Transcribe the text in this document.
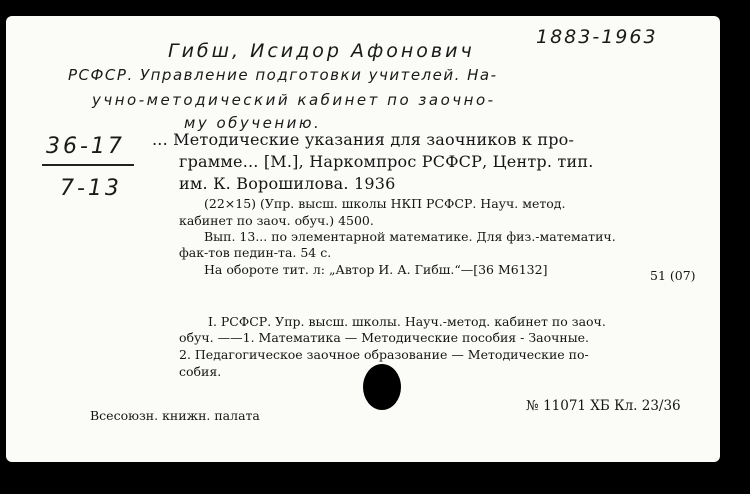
Гибш, Исидор Афонович
1883-1963
РСФСР. Управление подготовки учителей. На-
учно-методический кабинет по заочно-
му обучению.
36-17
7-13
... Методические указания для заочников к про-
грамме... [М.], Наркомпрос РСФСР, Центр. тип.
им. К. Ворошилова. 1936
(22×15) (Упр. высш. школы НКП РСФСР. Науч. метод.
кабинет по заоч. обуч.) 4500.
Вып. 13... по элементарной математике. Для физ.-математич.
фак-тов педин-та. 54 с.
На обороте тит. л: „Автор И. А. Гибш.“—[36 М6132]	51 (07)
I. РСФСР. Упр. высш. школы. Науч.-метод. кабинет по заоч.
обуч. ——1. Математика — Методические пособия - Заочные.
2. Педагогическое заочное образование — Методические по-
собия.
Всесоюзн. книжн. палата
№ 11071 ХБ Кл. 23/36
